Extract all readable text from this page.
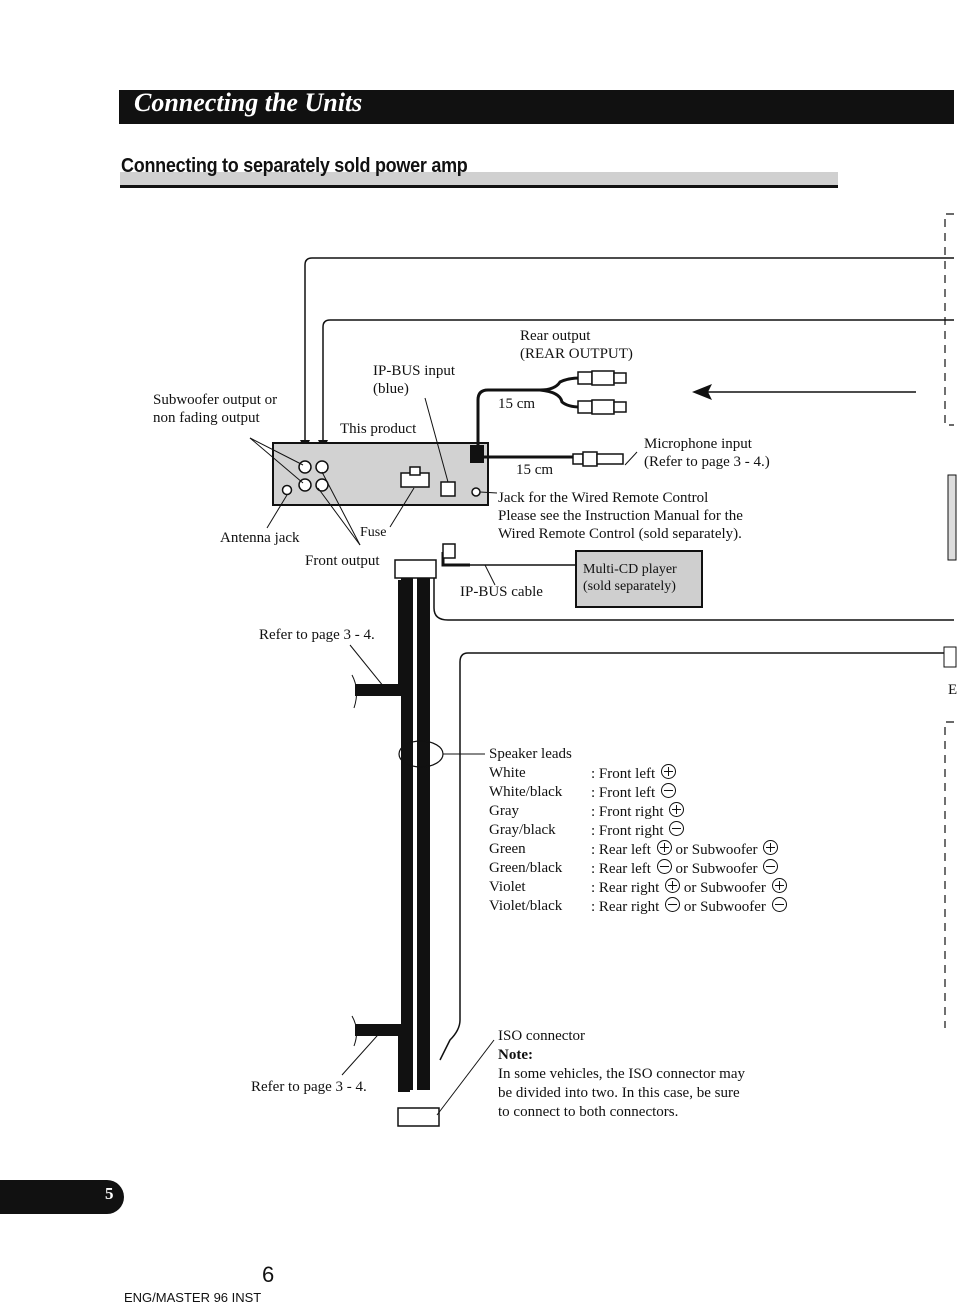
Connecting the Units
Connecting to separately sold power amp
Rear output
(REAR OUTPUT)
IP-BUS input
(blue)
Subwoofer output or
non fading output
This product
15 cm
15 cm
Microphone input
(Refer to page 3 - 4.)
Jack for the Wired Remote Control
Please see the Instruction Manual for the
Wired Remote Control (sold separately).
Antenna jack	Fuse
Front output
IP-BUS cable
Multi-CD player
(sold separately)
Refer to page 3 - 4.
Refer to page 3 - 4.
E
Speaker leads
White	: Front left
White/black : Front left
Gray	: Front right
Gray/black : Front right
Green	: Rear left  or Subwoofer
Green/black : Rear left  or Subwoofer
Violet	: Rear right  or Subwoofer
Violet/black : Rear right  or Subwoofer
ISO connector
Note:
In some vehicles, the ISO connector may
be divided into two. In this case, be sure
to connect to both connectors.
5
6
ENG/MASTER 96 INST
